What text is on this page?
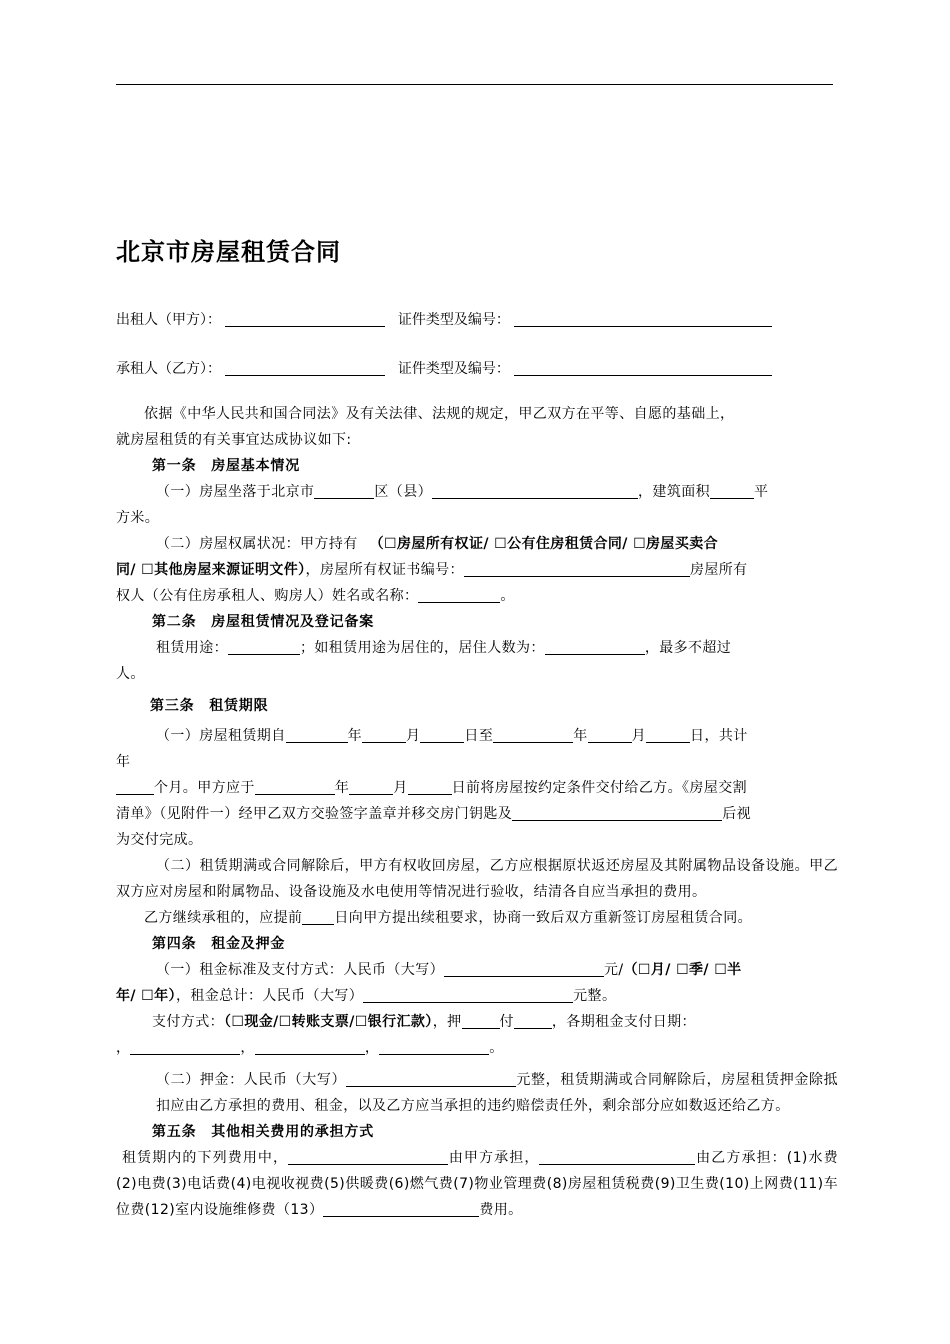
北京市房屋租赁合同
出租人（甲方）：	证件类型及编号：
承租人（乙方）：	证件类型及编号：

依据《中华人民共和国合同法》及有关法律、法规的规定，甲乙双方在平等、自愿的基础上，

就房屋租赁的有关事宜达成协议如下:

第一条　房屋基本情况

（一）房屋坐落于北京市	区（县）	，建筑面积	平

方米。

（二）房屋权属状况：甲方持有 （☐房屋所有权证/ ☐公有住房租赁合同/ ☐房屋买卖合

同/ ☐其他房屋来源证明文件），房屋所有权证书编号：	房屋所有

权人（公有住房承租人、购房人）姓名或名称：	。

第二条　房屋租赁情况及登记备案

租赁用途：	；如租赁用途为居住的，居住人数为：	，最多不超过

人。

第三条　租赁期限

（一）房屋租赁期自	年	月	日至	年	月	日，共计

年

个月。甲方应于	年	月	日前将房屋按约定条件交付给乙方。《房屋交割

清单》（见附件一）经甲乙双方交验签字盖章并移交房门钥匙及	后视

为交付完成。

（二）租赁期满或合同解除后，甲方有权收回房屋，乙方应根据原状返还房屋及其附属物品设备设施。甲乙双方应对房屋和附属物品、设备设施及水电使用等情况进行验收，结清各自应当承担的费用。

乙方继续承租的，应提前 日向甲方提出续租要求，协商一致后双方重新签订房屋租赁合同。

第四条　租金及押金

（一）租金标准及支付方式：人民币（大写）	元/（☐月/ ☐季/ ☐半

年/ ☐年），租金总计：人民币（大写）	元整。

支付方式：（☐现金/☐转账支票/☐银行汇款），押	付	，各期租金支付日期：

，	，	，	。

（二）押金：人民币（大写）	元整，租赁期满或合同解除后，房屋租赁押金除抵扣应由乙方承担的费用、租金，以及乙方应当承担的违约赔偿责任外，剩余部分应如数返还给乙方。

第五条　其他相关费用的承担方式

租赁期内的下列费用中，	由甲方承担，	由乙方承担：(1)水费(2)电费(3)电话费(4)电视收视费(5)供暖费(6)燃气费(7)物业管理费(8)房屋租赁税费(9)卫生费(10)上网费(11)车位费(12)室内设施维修费（13）	费用。
